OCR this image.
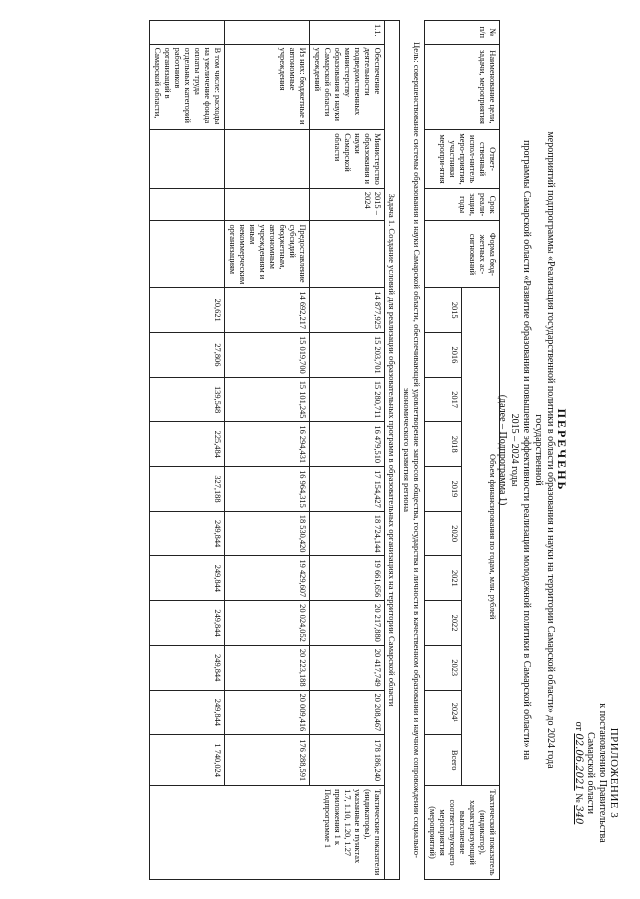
ПРИЛОЖЕНИЕ 3
к постановлению Правительства
Самарской области
от 02.06.2021 № 340
ПЕРЕЧЕНЬ
мероприятий подпрограммы «Реализация государственной политики в области образования и науки на территории Самарской области» до 2024 года государственной
программы Самарской области «Развитие образования и повышение эффективности реализации молодежной политики в Самарской области» на 2015 – 2024 годы
(далее – Подпрограмма 1)
№ п/п	Наименование цели, задачи, мероприятия	Ответ-ственный испол-нитель меро-приятия, участники меропри-ятия	Срок реали-зации, годы	Форма бюд-жетных ас-сигнований	Объем финансирования по годам, млн. рублей											Тактический показатель (индикатор), характеризующий выполнение соответствующего мероприятия (мероприятий)
					2015	2016	2017	2018	2019	2020	2021	2022	2023	2024¹	Всего	
Цель: совершенствование системы образования и науки Самарской области, обеспечивающей удовлетворение запросов общества, государства и личности в качественном образовании и научном сопровождении социально-экономического развития региона																
Задача 1. Создание условий для реализации образовательных программ в образовательных организациях на территории Самарской области																
1.1.	Обеспечение деятельности подведомственных министерству образования и науки Самарской области учреждений	Министерство образования и науки Самарской области	2015 – 2024		14 877,925	15 203,701	15 280,711	16 479,510	17 154,427	18 724,144	19 661,656	20 217,880	20 417,749	20 208,467	178 186,240	Тактические показатели (индикаторы), указанные в пунктах 1.7, 1.10, 1.20, 1.27 приложения 1 к Подпрограмме 1
	Из них: бюджетные и автономные учреждения			Предоставление субсидий бюджетным, автономным учреждениям и иным некоммерческим организациям	14 692,217	15 019,700	15 101,245	16 294,431	16 964,315	18 530,420	19 429,607	20 024,052	20 223,188	20 009,416	176 288,591	
	В том числе: расходы на увеличение фонда оплаты труда отдельных категорий работников организаций в Самарской области,				20,621	27,806	139,548	225,484	327,188	249,844	249,844	249,844	249,844	249,844	1 740,024	
